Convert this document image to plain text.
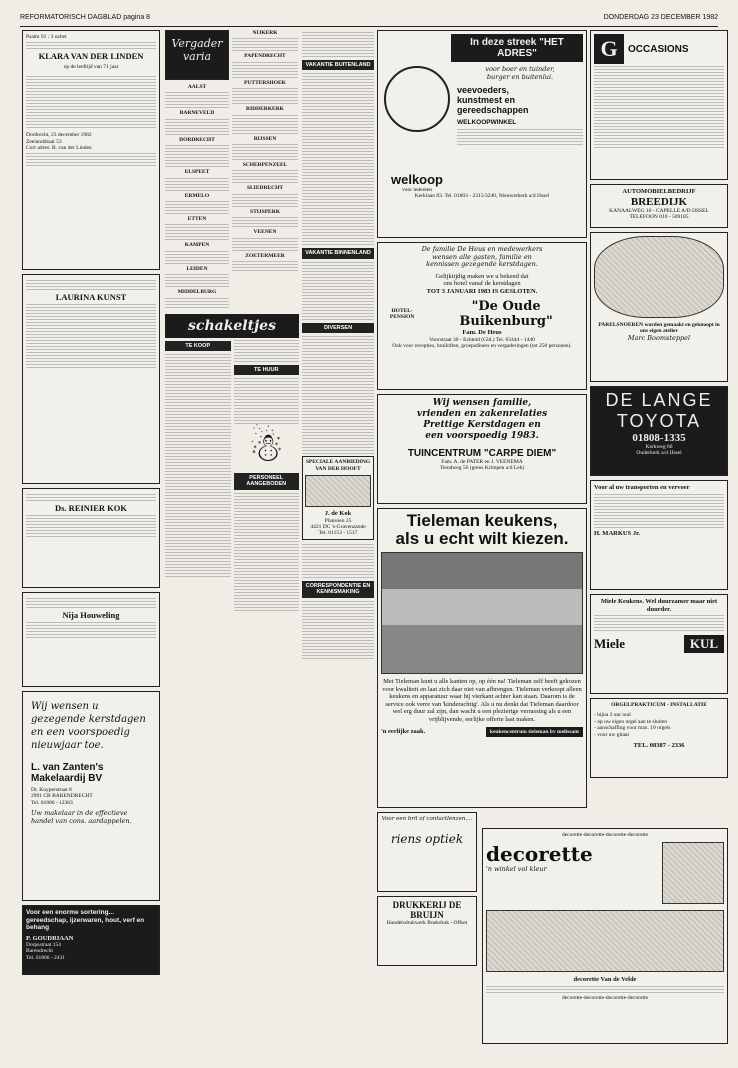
REFORMATORISCH DAGBLAD pagina 8	DONDERDAG 23 DECEMBER 1982
Psalm 91 : 3 ozbet
KLARA VAN DER LINDEN
op de leeftijd van 71 jaar
Dordrecht, 23 december 1982
Zeelanddraai 53
Corr adres: B. van der Linden
LAURINA KUNST
Ds. REINIER KOK
Nija Houweling
Wij wensen u gezegende kerstdagen en een voorspoedig nieuwjaar toe.
L. van Zanten's Makelaardij BV
Dr. Kuyperstraat 8
2991 CB BARENDRECHT
Tel. 01806 - 12363
Uw makelaar in de effectieve handel van cons. aardappelen.
Voor een enorme sortering... gereedschap, ijzerwaren, hout, verf en behang
P. GOUDRIAAN
Dorpsstraat 154
Barendrecht
Tel. 01806 - 2431
Vergader
varia
AALST
BARNEVELD
DORDRECHT
ELSPEET
ERMELO
ETTEN
KAMPEN
LEIDEN
MIDDELBURG
NIJKERK
PAPENDRECHT
PUTTERSHOEK
RIDDERKERK
RIJSSEN
SCHERPENZEEL
SLIEDRECHT
STIJSPERK
VEENEN
ZOETERMEER
schakeltjes
TE KOOP
TE HUUR
☃
PERSONEEL AANGEBODEN
VAKANTIE BUITENLAND
VAKANTIE BINNENLAND
DIVERSEN
SPECIALE AANBIEDING VAN DER HOOFT
J. de Kok
Plansoen 25
4421 DC 's-Gravenzande
Tel. 01153 - 1517
CORRESPONDENTIE EN KENNISMAKING
In deze streek "HET ADRES"
welkoop
voor iedereen
voor boer en tuinder,
burger en buitenlui.
veevoeders,
kunstmest en
gereedschappen
WELKOOPWINKEL
Kerklaan 83. Tel. 01803 - 2315/3240, Nieuwerkerk a/d IJssel
De familie De Heus en medewerkers
wensen alle gasten, familie en
kennissen gezegende kerstdagen.
Gelijktijdig maken we u bekend dat
ons hotel vanaf de kerstdagen
TOT 3 JANUARI 1983 IS GESLOTEN.
HOTEL-PENSION
"De Oude Buikenburg"
Fam. De Heus
Voorstraat 30 - Echteld (Gld.) Tel. 03444 - 1440
Ook voor recepties, bruiloften, groepsdiners en vergaderingen (tot 250 personen).
Wij wensen familie,
vrienden en zakenrelaties
Prettige Kerstdagen en
een voorspoedig 1983.
TUINCENTRUM "CARPE DIEM"
Fam. A. de PATER en J. VEENEMA
Tiendweg 56 (grens Krimpen a/d Lek)
Tieleman keukens,
als u echt wilt kiezen.
Met Tieleman kunt u alle kanten op, op één na! Tieleman zelf heeft gekozen voor kwaliteit en laat zich daar niet van afbrengen. Tieleman verkoopt alleen keukens en apparatuur waar hij vierkant achter kan staan. Daarom is de service ook verre van 'kinderachtig'. Als u nu denkt dat Tieleman daardoor wel erg duur zal zijn, dan wacht u een plezierige verrassing als u een vrijblijvende, eerlijke offerte laat maken.
'n eerlijke zaak.	keukencentrum tieleman bv melissant
Voor een bril of contactlenzen....
riens optiek
DRUKKERIJ DE BRUIJN
Handelsdrukwerk Boekdruk - Offset
G	OCCASIONS
AUTOMOBIELBEDRIJF
BREEDIJK
KANAALWEG 10 - CAPELLE A/D IJSSEL
TELEFOON 010 - 509185
PARELSNOEREN worden gemaakt en geknoopt in ons eigen atelier
Marc Boomsteppel
DE LANGE
TOYOTA
01808-1335
Kerkweg 66
Ouderkerk a/d IJssel
Voor al uw transporten en vervoer
H. MARKUS Jr.
Miele Keukens. Wel duurzamer maar niet duurder.
Miele	KUL
ORGELPRAKTICUM - INSTALLATIE
- bijna 3 uur oud
- op uw eigen orgel aan te sluiten
- aanschaffing voor max. 10 orgels
- voor uw gitaar
TEL. 08387 - 2336
decorette-decorette-decorette-decorette
decorette
'n winkel vol kleur
decorette Van de Velde
decorette-decorette-decorette-decorette
